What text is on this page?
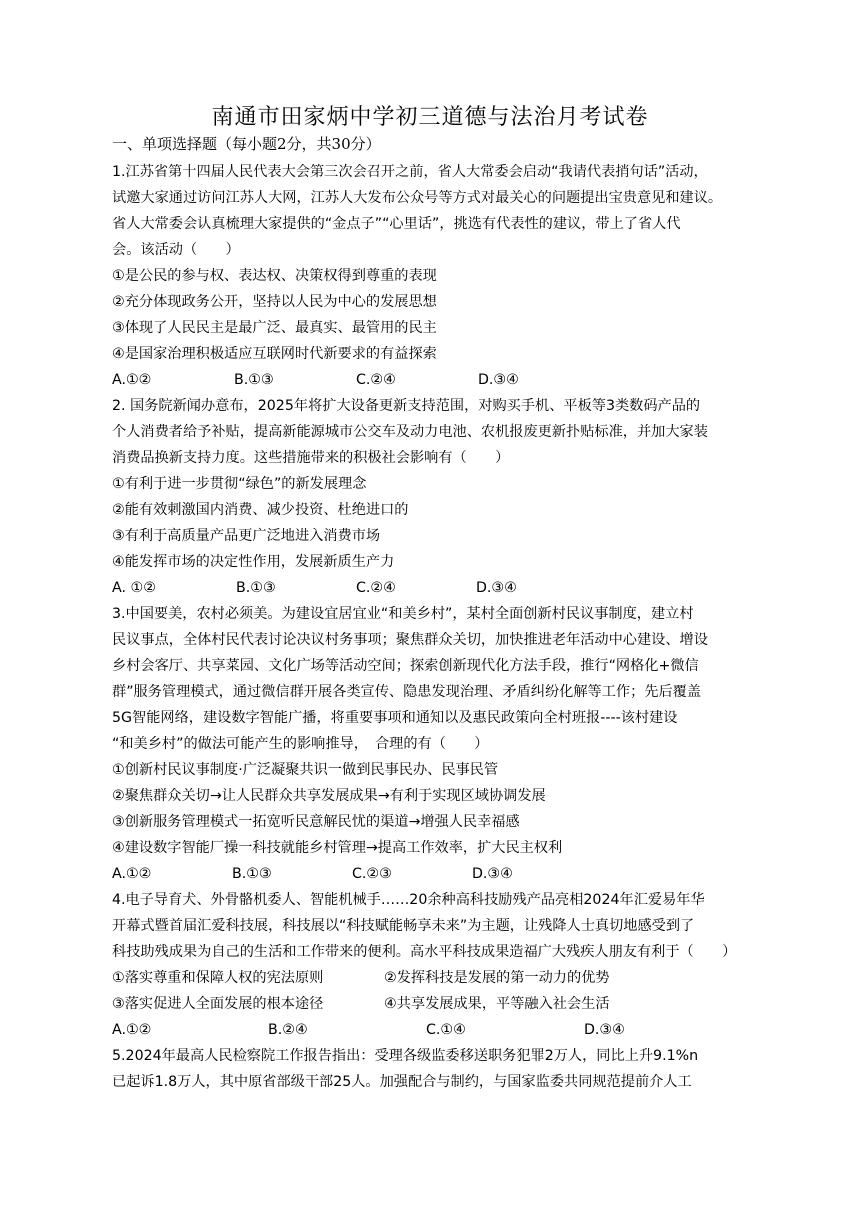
南通市田家炳中学初三道德与法治月考试卷
一、单项选择题（每小题2分，共30分）
1.江苏省第十四届人民代表大会第三次会召开之前，省人大常委会启动“我请代表捎句话”活动，
试邀大家通过访问江苏人大网，江苏人大发布公众号等方式对最关心的问题提出宝贵意见和建议。
省人大常委会认真梳理大家提供的“金点子”“心里话”，挑选有代表性的建议，带上了省人代
会。该活动（　　）
①是公民的参与权、表达权、决策权得到尊重的表现
②充分体现政务公开，坚持以人民为中心的发展思想
③体现了人民民主是最广泛、最真实、最管用的民主
④是国家治理积极适应互联网时代新要求的有益探索
A.①②	B.①③	C.②④	D.③④
2. 国务院新闻办意布，2025年将扩大设备更新支持范围，对购买手机、平板等3类数码产品的
个人消费者给予补贴，提高新能源城市公交车及动力电池、农机报废更新扑贴标准，并加大家装
消费品换新支持力度。这些措施带来的积极社会影响有（　　）
①有利于进一步贯彻“绿色”的新发展理念
②能有效刺激国内消费、减少投资、杜绝进口的
③有利于高质量产品更广泛地进入消费市场
④能发挥市场的决定性作用，发展新质生产力
A. ①②	B.①③	C.②④	D.③④
3.中国要美，农村必须美。为建设宜居宜业“和美乡村”，某村全面创新村民议事制度，建立村
民议事点，全体村民代表讨论决议村务事项；聚焦群众关切，加快推进老年活动中心建设、增设
乡村会客厅、共享菜园、文化广场等活动空间；探索创新现代化方法手段，推行“网格化+微信
群”服务管理模式，通过微信群开展各类宣传、隐患发现治理、矛盾纠纷化解等工作；先后覆盖
5G智能网络，建设数字智能广播，将重要事项和通知以及惠民政策向全村班报----该村建设
“和美乡村”的做法可能产生的影响推导，　合理的有（　　）
①创新村民议事制度·广泛凝聚共识一做到民事民办、民事民管
②聚焦群众关切→让人民群众共享发展成果→有利于实现区域协调发展
③创新服务管理模式一拓宽听民意解民忧的渠道→增强人民幸福感
④建设数字智能厂操一科技就能乡村管理→提高工作效率，扩大民主权利
A.①②	B.①③	C.②③	D.③④
4.电子导育犬、外骨骼机委人、智能机械手……20余种高科技励残产品亮相2024年汇爱易年华
开幕式暨首届汇爱科技展，科技展以“科技赋能畅享未来”为主题，让残降人士真切地感受到了
科技助残成果为自己的生活和工作带来的便利。高水平科技成果造福广大残疾人朋友有利于（　　）
①落实尊重和保障人权的宪法原则	②发挥科技是发展的第一动力的优势
③落实促进人全面发展的根本途径	④共享发展成果，平等融入社会生活
A.①②	B.②④	C.①④	D.③④
5.2024年最高人民检察院工作报告指出：受理各级监委移送职务犯罪2万人，同比上升9.1%n
已起诉1.8万人，其中原省部级干部25人。加强配合与制约，与国家监委共同规范提前介人工
